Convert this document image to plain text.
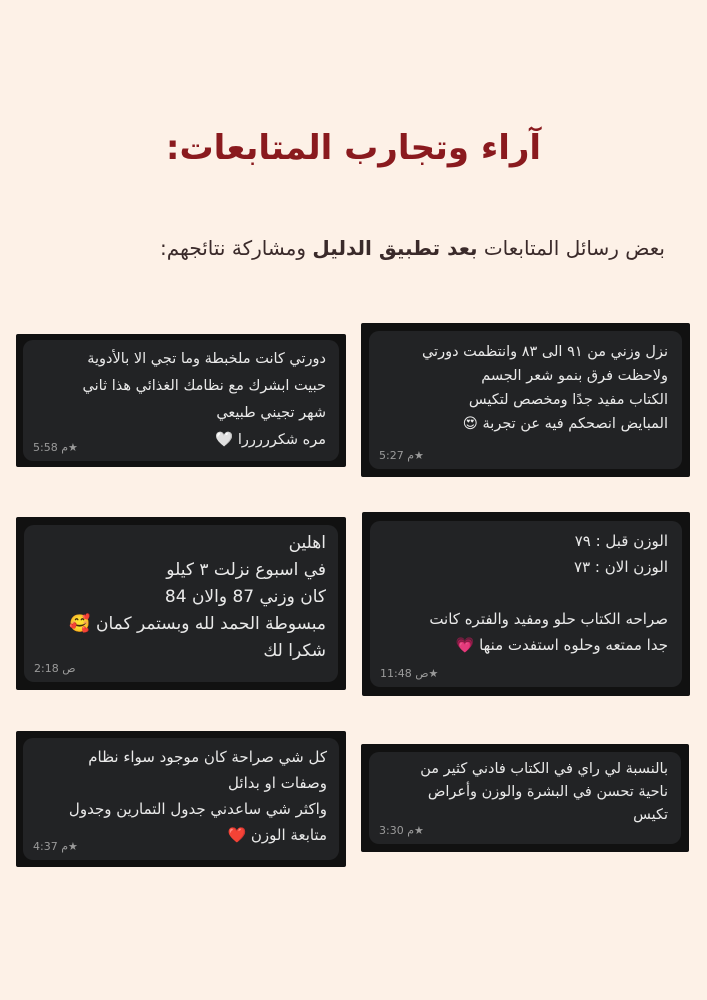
آراء وتجارب المتابعات:
بعض رسائل المتابعات بعد تطبيق الدليل ومشاركة نتائجهم:
نزل وزني من ٩١ الى ٨٣ وانتظمت دورتي
ولاحظت فرق بنمو شعر الجسم
الكتاب مفيد جدًا ومخصص لتكيس
المبايض انصحكم فيه عن تجربة 😍
5:27 م★
دورتي كانت ملخبطة وما تجي الا بالأدوية
حبيت ابشرك مع نظامك الغذائي هذا ثاني
شهر تجيني طبيعي
مره شكرررررا 🤍
5:58 م★
الوزن قبل : ٧٩
الوزن الان : ٧٣

صراحه الكتاب حلو ومفيد والفتره كانت
جدا ممتعه وحلوه استفدت منها 💗
11:48 ص★
اهلين
في اسبوع نزلت ٣ كيلو
كان وزني 87 والان 84
مبسوطة الحمد لله وبستمر كمان 🥰
شكرا لك
2:18 ص
بالنسبة لي راي في الكتاب فادني كثير من
ناحية تحسن في البشرة والوزن وأعراض
تكيس
3:30 م★
كل شي صراحة كان موجود سواء نظام
وصفات او بدائل
واكثر شي ساعدني جدول التمارين وجدول
متابعة الوزن ❤️
4:37 م★
